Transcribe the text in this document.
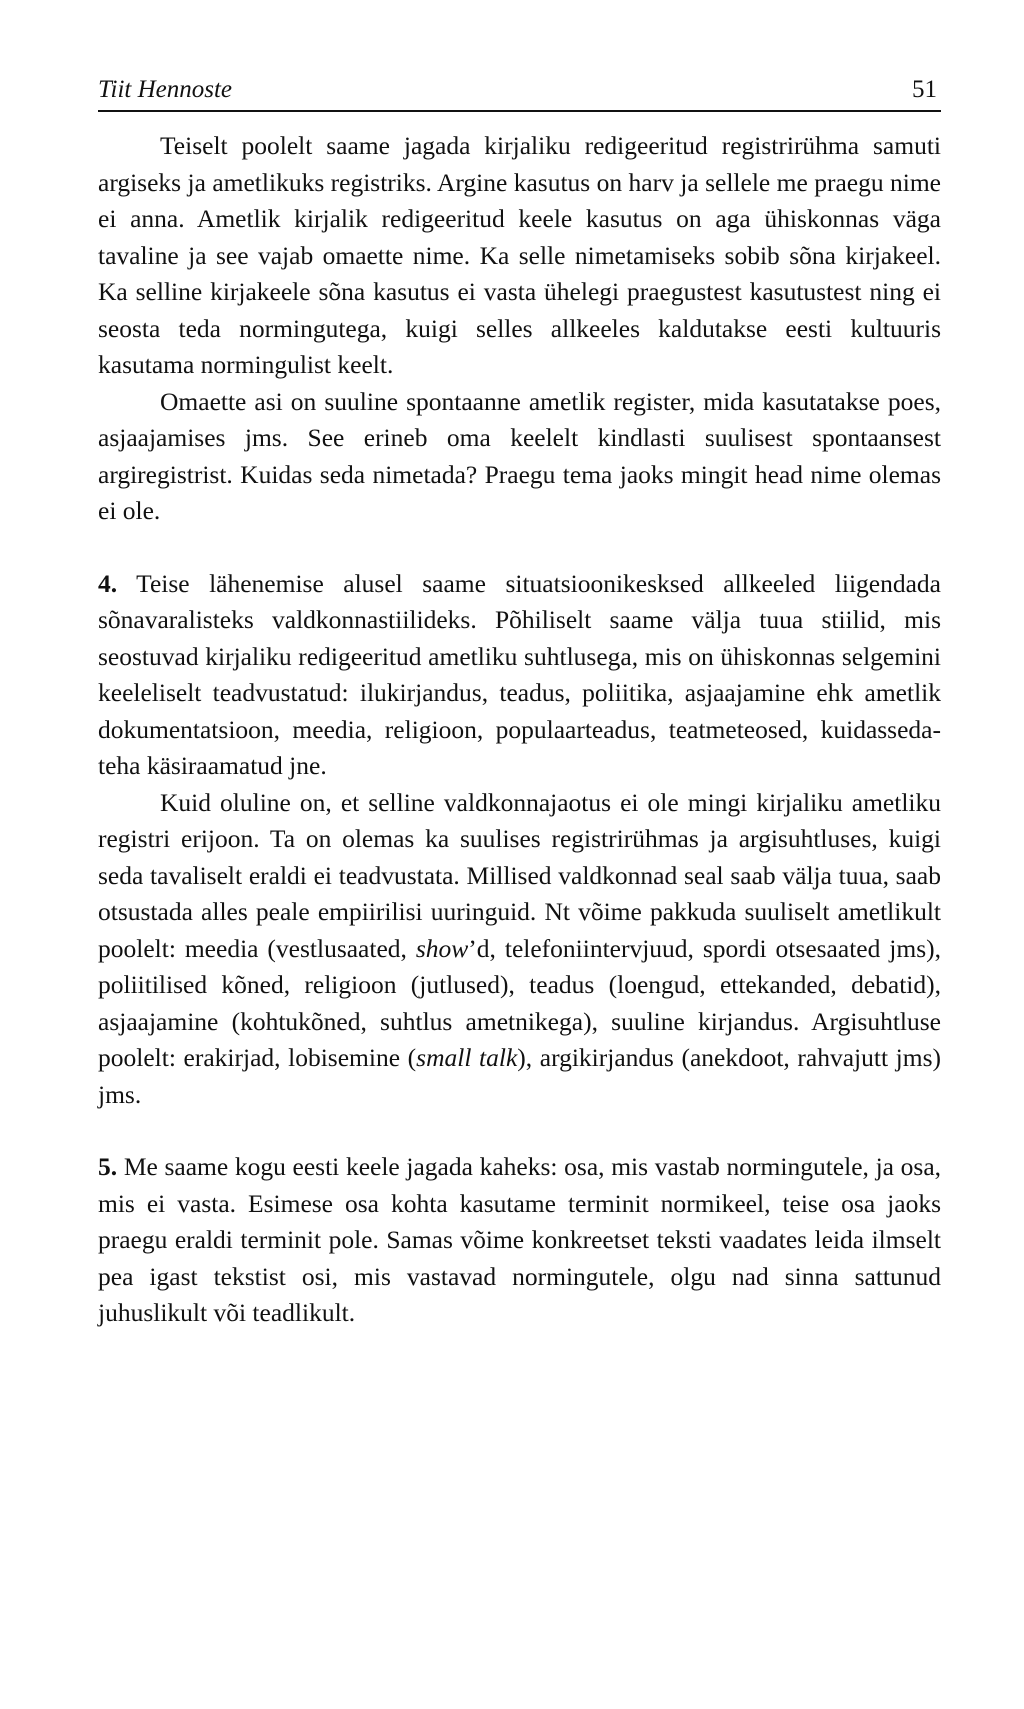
Tiit Hennoste	51

Teiselt poolelt saame jagada kirjaliku redigeeritud registrirühma samuti argiseks ja ametlikuks registriks. Argine kasutus on harv ja sellele me praegu nime ei anna. Ametlik kirjalik redigeeritud keele kasutus on aga ühiskonnas väga tavaline ja see vajab omaette nime. Ka selle nimetamiseks sobib sõna kirjakeel. Ka selline kirjakeele sõna kasutus ei vasta ühelegi praegustest kasutustest ning ei seosta teda normingutega, kuigi selles allkeeles kaldutakse eesti kultuuris kasutama normingulist keelt.

Omaette asi on suuline spontaanne ametlik register, mida kasutatakse poes, asjaajamises jms. See erineb oma keelelt kindlasti suulisest spontaansest argiregistrist. Kuidas seda nimetada? Praegu tema jaoks mingit head nime olemas ei ole.

4. Teise lähenemise alusel saame situatsioonikesksed allkeeled liigendada sõnavaralisteks valdkonnastiilideks. Põhiliselt saame välja tuua stiilid, mis seostuvad kirjaliku redigeeritud ametliku suhtlusega, mis on ühiskonnas selgemini keeleliselt teadvustatud: ilukirjandus, teadus, poliitika, asjaajamine ehk ametlik dokumentatsioon, meedia, religioon, populaarteadus, teatmeteosed, kuidasseda-teha käsiraamatud jne.

Kuid oluline on, et selline valdkonnajaotus ei ole mingi kirjaliku ametliku registri erijoon. Ta on olemas ka suulises registrirühmas ja argisuhtluses, kuigi seda tavaliselt eraldi ei teadvustata. Millised valdkonnad seal saab välja tuua, saab otsustada alles peale empiirilisi uuringuid. Nt võime pakkuda suuliselt ametlikult poolelt: meedia (vestlusaated, show’d, telefoniintervjuud, spordi otsesaated jms), poliitilised kõned, religioon (jutlused), teadus (loengud, ettekanded, debatid), asjaajamine (kohtukõned, suhtlus ametnikega), suuline kirjandus. Argisuhtluse poolelt: erakirjad, lobisemine (small talk), argikirjandus (anekdoot, rahvajutt jms) jms.

5. Me saame kogu eesti keele jagada kaheks: osa, mis vastab normingutele, ja osa, mis ei vasta. Esimese osa kohta kasutame terminit normikeel, teise osa jaoks praegu eraldi terminit pole. Samas võime konkreetset teksti vaadates leida ilmselt pea igast tekstist osi, mis vastavad normingutele, olgu nad sinna sattunud juhuslikult või teadlikult.
